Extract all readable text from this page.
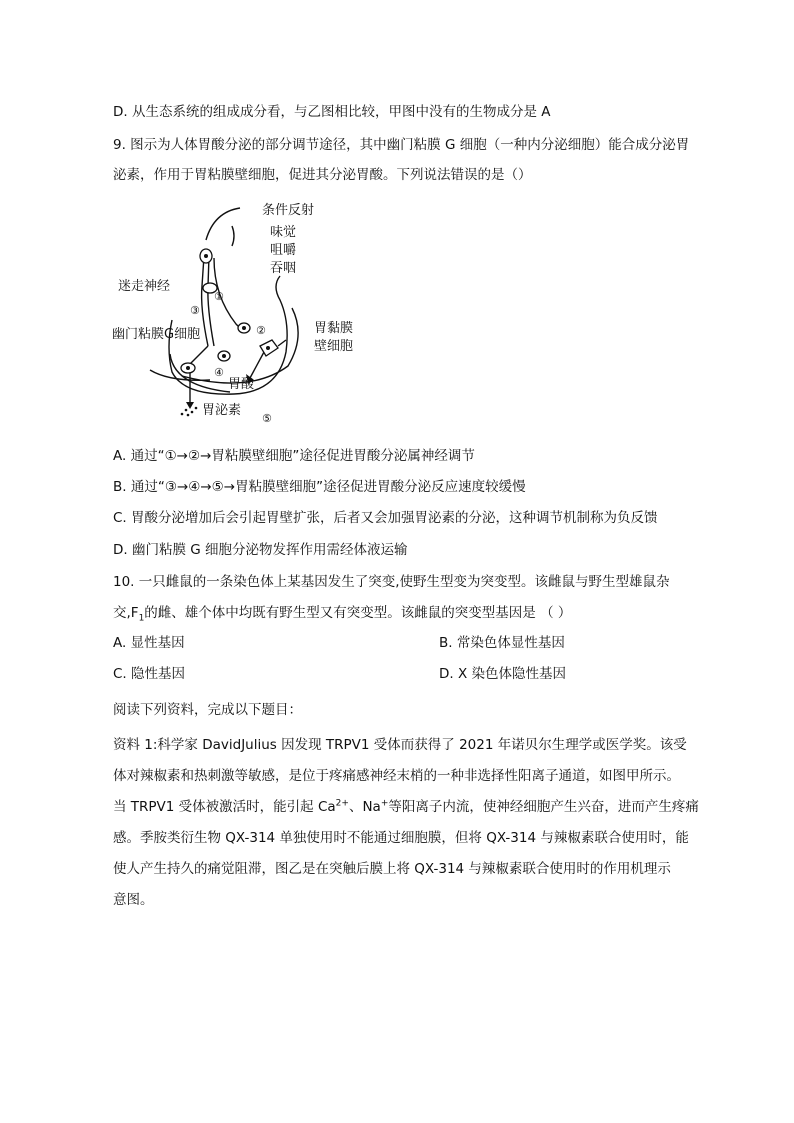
D. 从生态系统的组成成分看，与乙图相比较，甲图中没有的生物成分是 A
9. 图示为人体胃酸分泌的部分调节途径，其中幽门粘膜 G 细胞（一种内分泌细胞）能合成分泌胃
泌素，作用于胃粘膜壁细胞，促进其分泌胃酸。下列说法错误的是（）
条件反射
味觉
咀嚼
吞咽
迷走神经
幽门粘膜G细胞	胃黏膜
壁细胞
胃酸
胃泌素
①
②
③
④
⑤
A. 通过“①→②→胃粘膜壁细胞”途径促进胃酸分泌属神经调节
B. 通过“③→④→⑤→胃粘膜壁细胞”途径促进胃酸分泌反应速度较缓慢
C. 胃酸分泌增加后会引起胃壁扩张，后者又会加强胃泌素的分泌，这种调节机制称为负反馈
D. 幽门粘膜 G 细胞分泌物发挥作用需经体液运输
10. 一只雌鼠的一条染色体上某基因发生了突变,使野生型变为突变型。该雌鼠与野生型雄鼠杂
交$,F_1$的雌、雄个体中均既有野生型又有突变型。该雌鼠的突变型基因是 （ ）
A. 显性基因	B. 常染色体显性基因
C. 隐性基因	D. X 染色体隐性基因
阅读下列资料，完成以下题目：
资料 1:科学家 DavidJulius 因发现 TRPV1 受体而获得了 2021 年诺贝尔生理学或医学奖。该受
体对辣椒素和热刺激等敏感，是位于疼痛感神经末梢的一种非选择性阳离子通道，如图甲所示。
当 TRPV1 受体被激活时，能引起 $Ca^{2+}$、Na+等阳离子内流，使神经细胞产生兴奋，进而产生疼痛
感。季胺类衍生物 QX-314 单独使用时不能通过细胞膜，但将 QX-314 与辣椒素联合使用时，能
使人产生持久的痛觉阻滞，图乙是在突触后膜上将 QX-314 与辣椒素联合使用时的作用机理示
意图。
